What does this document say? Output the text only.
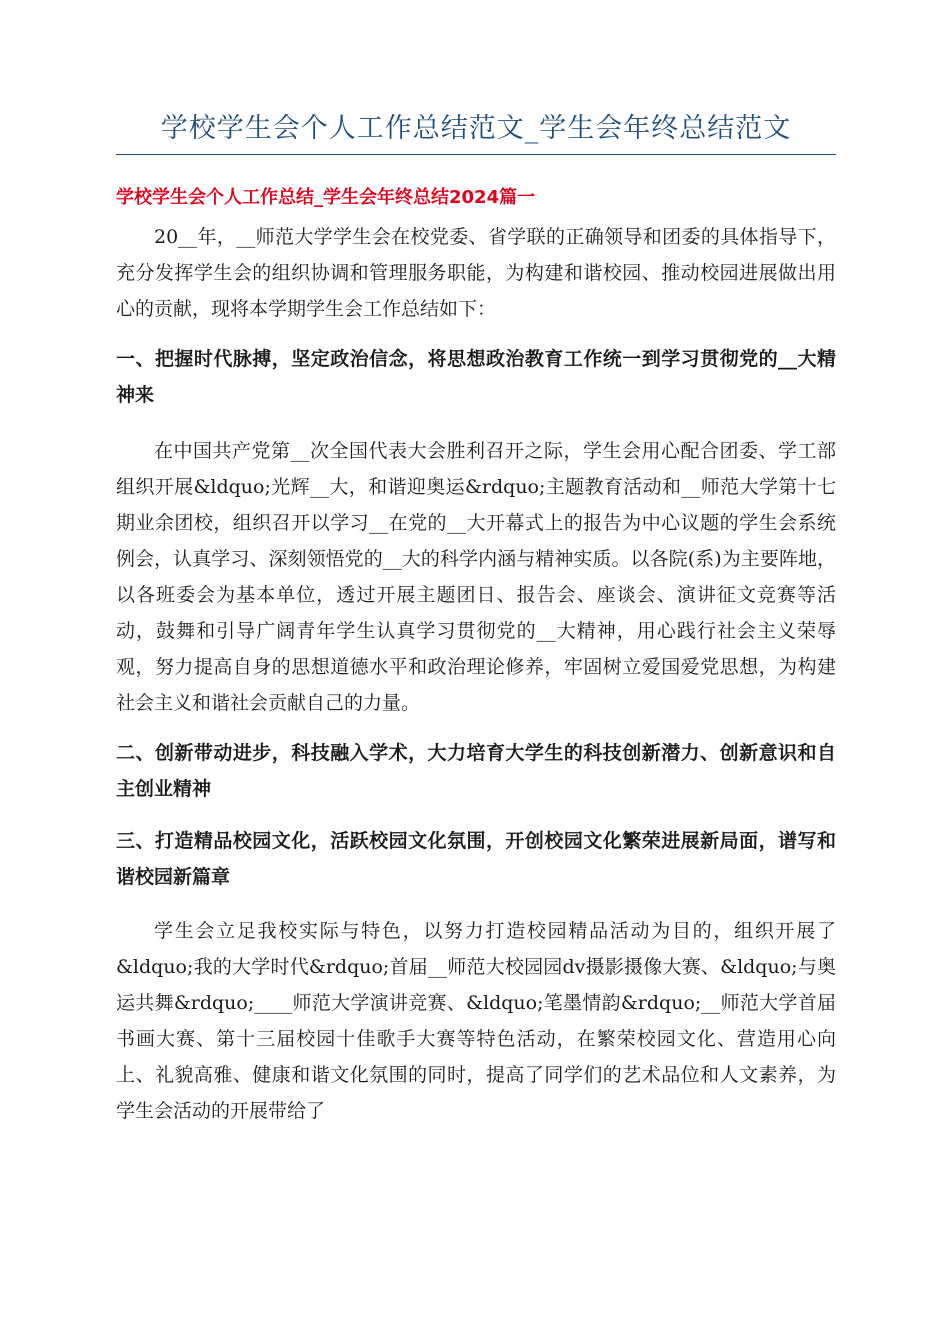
学校学生会个人工作总结范文_学生会年终总结范文
学校学生会个人工作总结_学生会年终总结2024篇一

20__年，__师范大学学生会在校党委、省学联的正确领导和团委的具体指导下，充分发挥学生会的组织协调和管理服务职能，为构建和谐校园、推动校园进展做出用心的贡献，现将本学期学生会工作总结如下：

一、把握时代脉搏，坚定政治信念，将思想政治教育工作统一到学习贯彻党的__大精神来

在中国共产党第__次全国代表大会胜利召开之际，学生会用心配合团委、学工部组织开展&ldquo;光辉__大，和谐迎奥运&rdquo;主题教育活动和__师范大学第十七期业余团校，组织召开以学习__在党的__大开幕式上的报告为中心议题的学生会系统例会，认真学习、深刻领悟党的__大的科学内涵与精神实质。以各院(系)为主要阵地，以各班委会为基本单位，透过开展主题团日、报告会、座谈会、演讲征文竞赛等活动，鼓舞和引导广阔青年学生认真学习贯彻党的__大精神，用心践行社会主义荣辱观，努力提高自身的思想道德水平和政治理论修养，牢固树立爱国爱党思想，为构建社会主义和谐社会贡献自己的力量。

二、创新带动进步，科技融入学术，大力培育大学生的科技创新潜力、创新意识和自主创业精神

三、打造精品校园文化，活跃校园文化氛围，开创校园文化繁荣进展新局面，谱写和谐校园新篇章

学生会立足我校实际与特色，以努力打造校园精品活动为目的，组织开展了&ldquo;我的大学时代&rdquo;首届__师范大校园园dv摄影摄像大赛、&ldquo;与奥运共舞&rdquo;____师范大学演讲竞赛、&ldquo;笔墨情韵&rdquo;__师范大学首届书画大赛、第十三届校园十佳歌手大赛等特色活动，在繁荣校园文化、营造用心向上、礼貌高雅、健康和谐文化氛围的同时，提高了同学们的艺术品位和人文素养，为学生会活动的开展带给了
